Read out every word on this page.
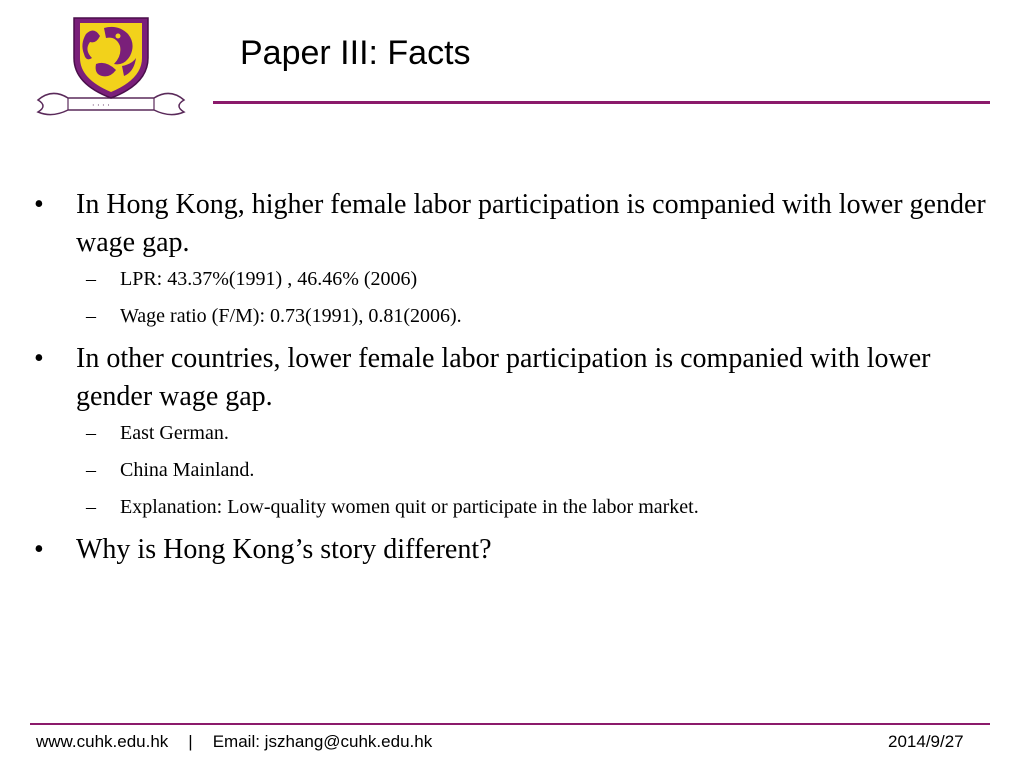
· · · ·
Paper III: Facts
• In Hong Kong, higher female labor participation is companied with lower gender wage gap.
– LPR: 43.37%(1991) , 46.46% (2006)
– Wage ratio (F/M): 0.73(1991), 0.81(2006).
• In other countries, lower female labor participation is companied with lower gender wage gap.
– East German.
– China Mainland.
– Explanation: Low-quality women quit or participate in the labor market.
• Why is Hong Kong’s story different?
www.cuhk.edu.hk | Email: jszhang@cuhk.edu.hk	2014/9/27
